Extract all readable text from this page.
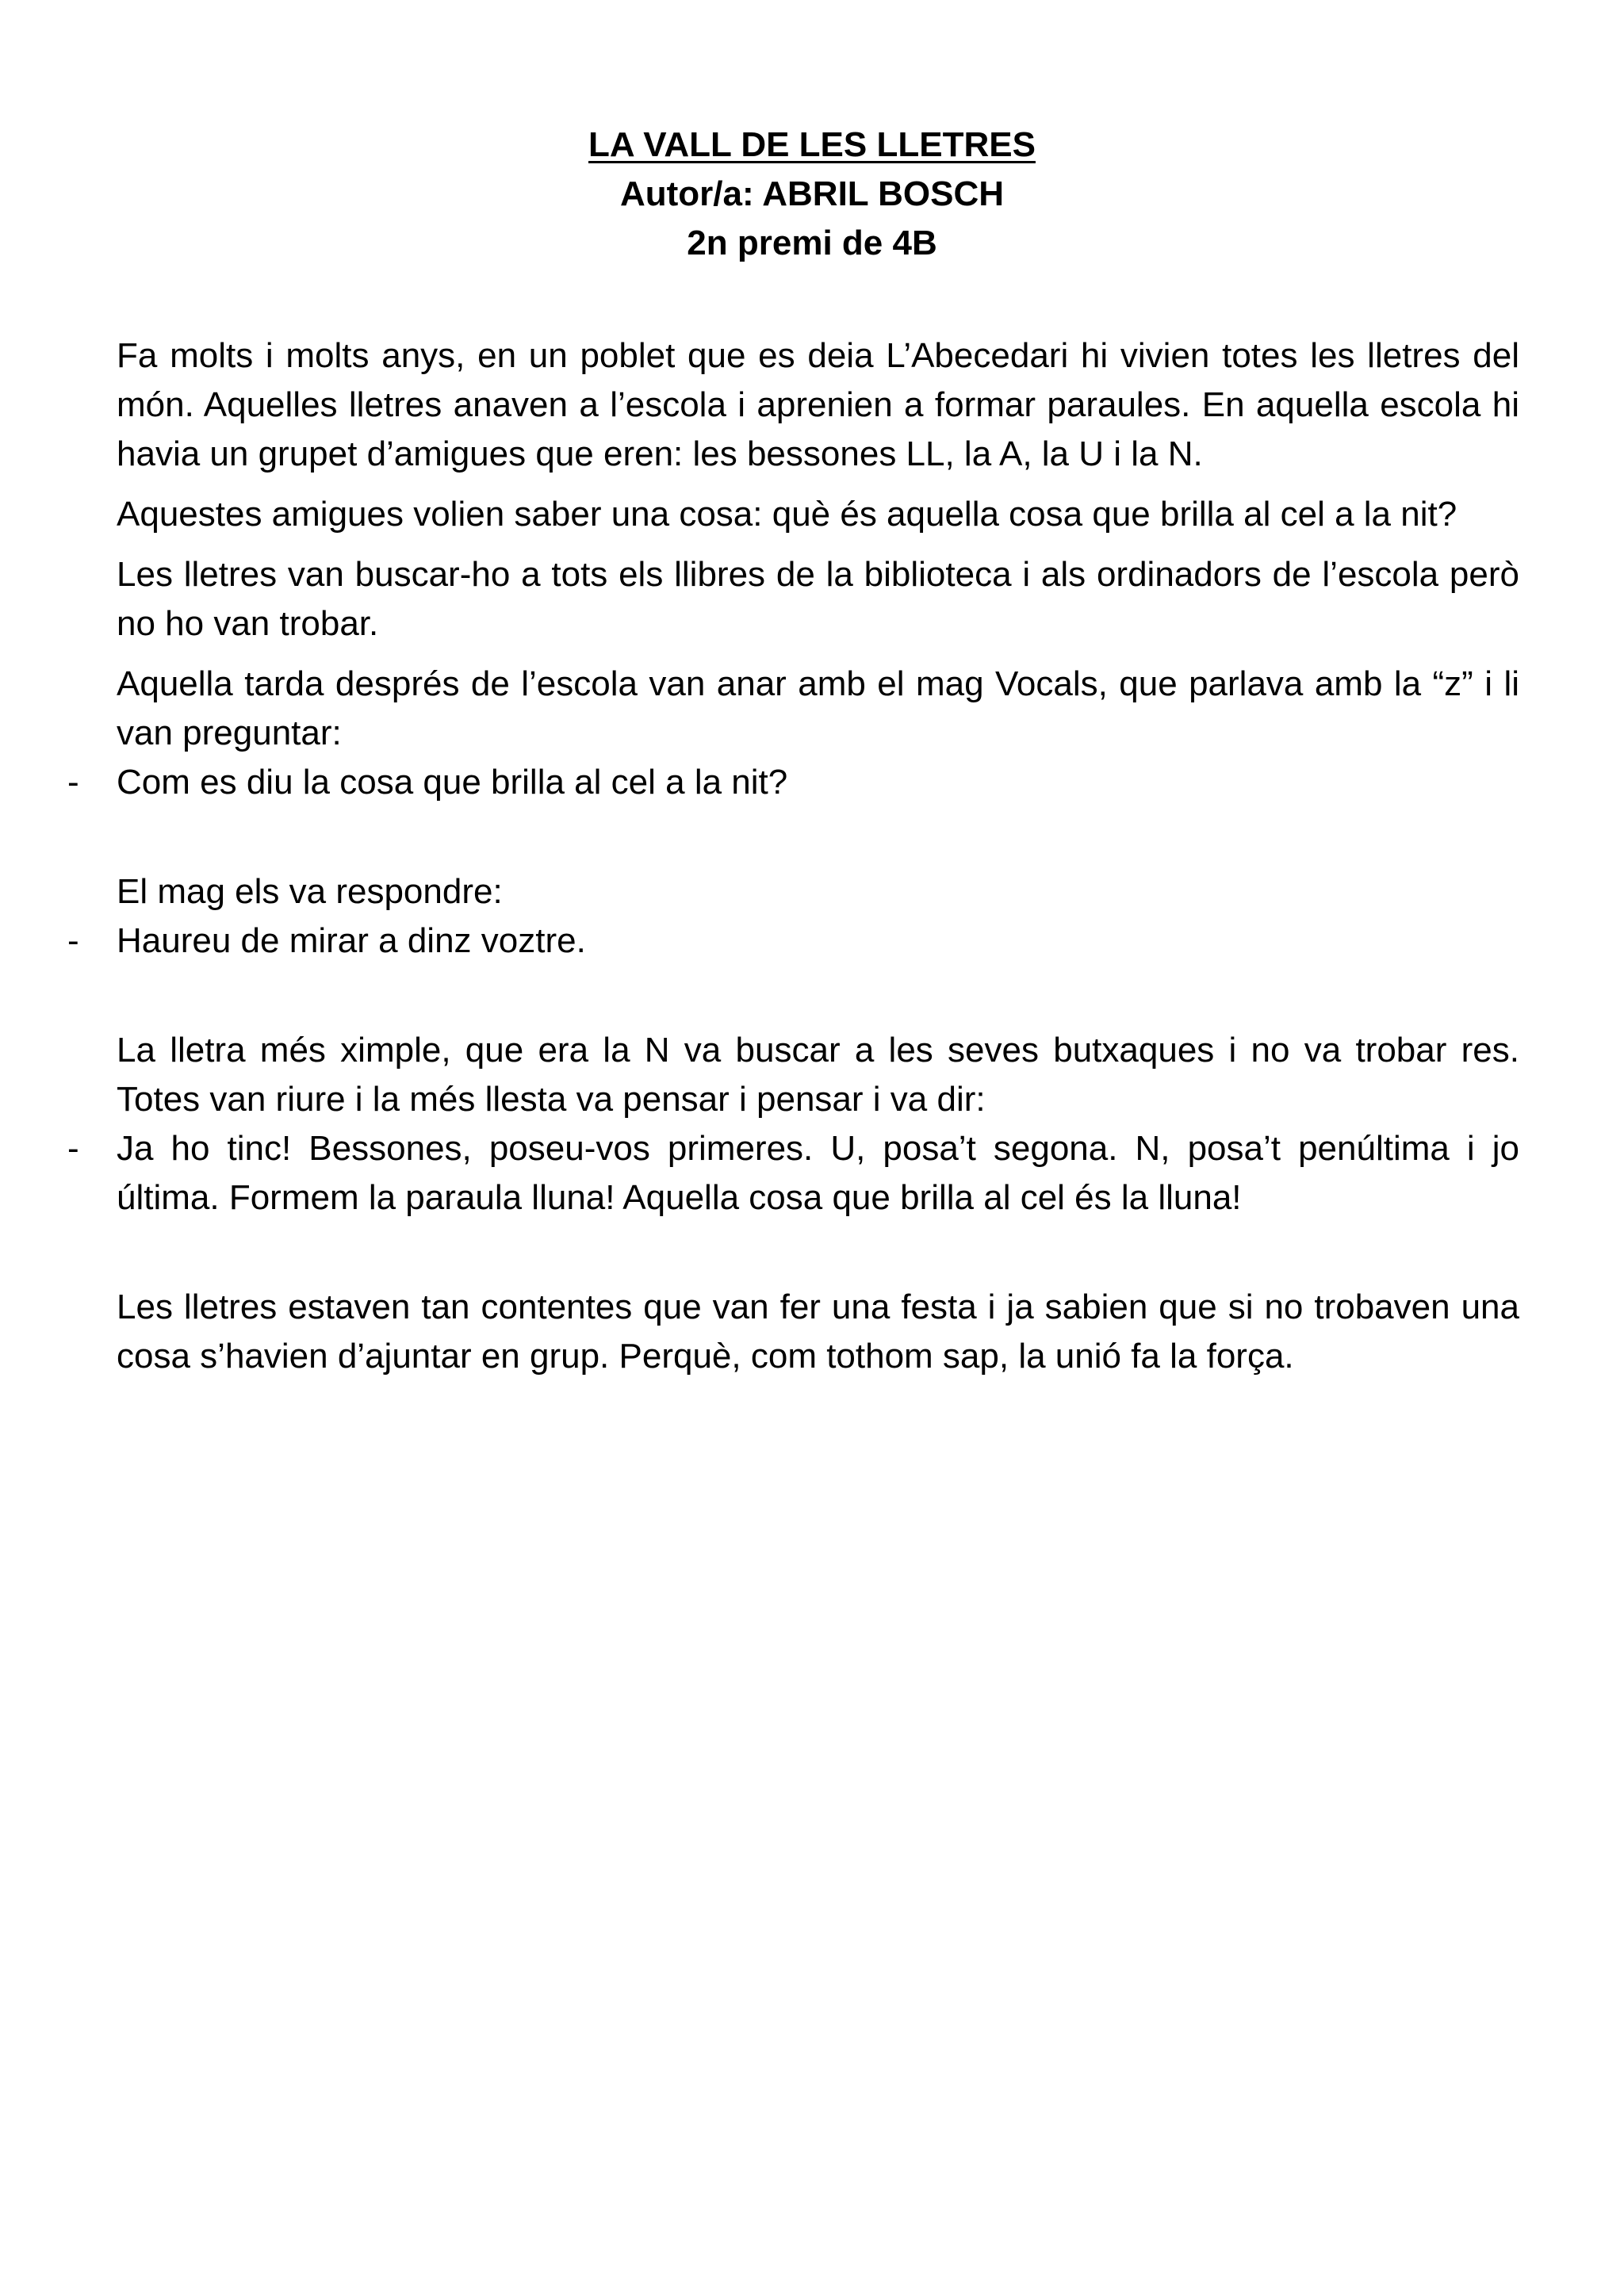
LA VALL DE LES LLETRES
Autor/a: ABRIL BOSCH
2n premi de 4B

Fa molts i molts anys, en un poblet que es deia L’Abecedari hi vivien totes les lletres del món. Aquelles lletres anaven a l’escola i aprenien a formar paraules. En aquella escola hi havia un grupet d’amigues que eren: les bessones LL, la A, la U i la N.

Aquestes amigues volien saber una cosa: què és aquella cosa que brilla al cel a la nit?

Les lletres van buscar-ho a tots els llibres de la biblioteca i als ordinadors de l’escola però no ho van trobar.

Aquella tarda després de l’escola van anar amb el mag Vocals, que parlava amb la “z” i li van preguntar:

- Com es diu la cosa que brilla al cel a la nit?

El mag els va respondre:

- Haureu de mirar a dinz voztre.

La lletra més ximple, que era la N va buscar a les seves butxaques i no va trobar res. Totes van riure i la més llesta va pensar i pensar i va dir:

- Ja ho tinc! Bessones, poseu-vos primeres. U, posa’t segona. N, posa’t penúltima i jo última. Formem la paraula lluna! Aquella cosa que brilla al cel és la lluna!

Les lletres estaven tan contentes que van fer una festa i ja sabien que si no trobaven una cosa s’havien d’ajuntar en grup. Perquè, com tothom sap, la unió fa la força.
